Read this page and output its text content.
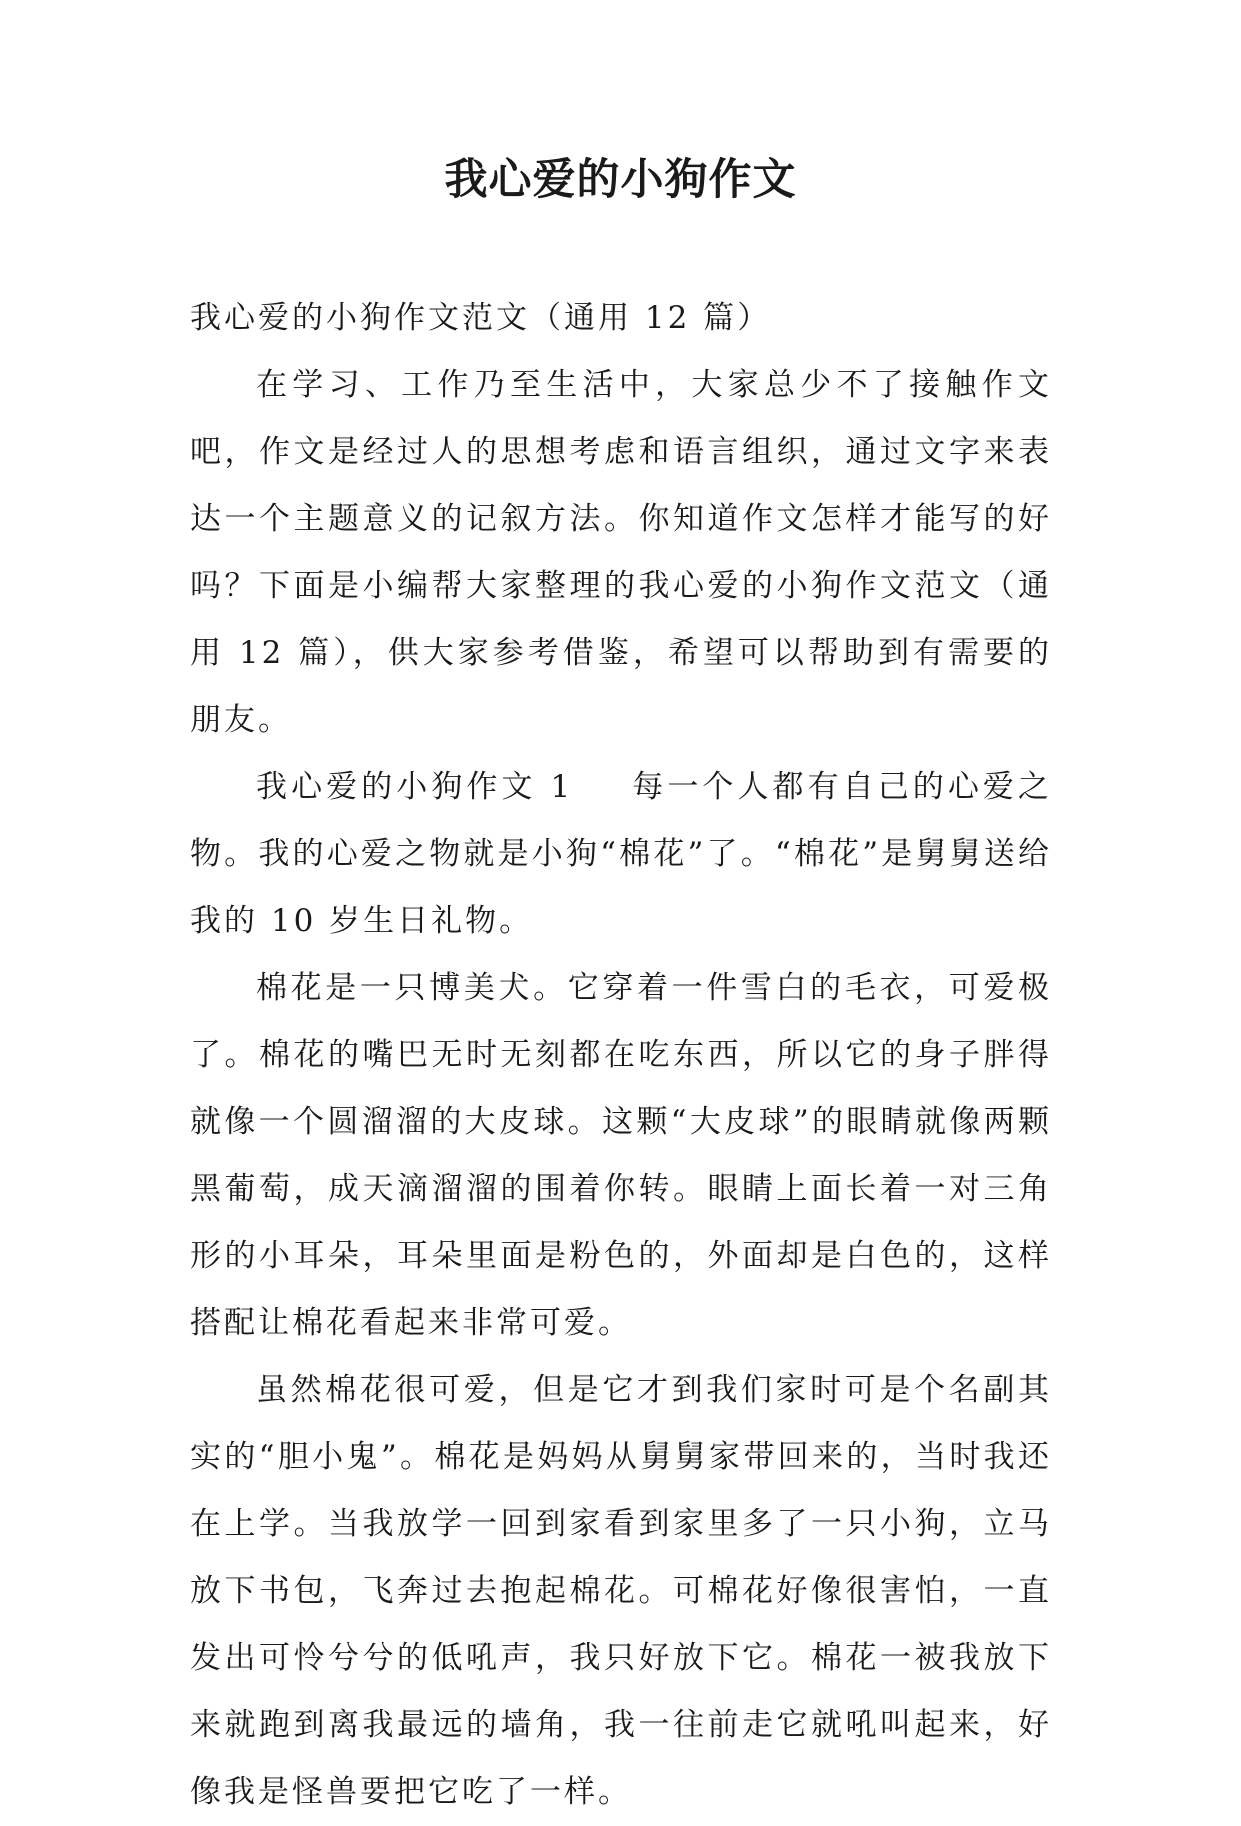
我心爱的小狗作文

我心爱的小狗作文范文（通用 12 篇）

在学习、工作乃至生活中，大家总少不了接触作文吧，作文是经过人的思想考虑和语言组织，通过文字来表达一个主题意义的记叙方法。你知道作文怎样才能写的好吗？下面是小编帮大家整理的我心爱的小狗作文范文（通用 12 篇），供大家参考借鉴，希望可以帮助到有需要的朋友。

我心爱的小狗作文 1 每一个人都有自己的心爱之物。我的心爱之物就是小狗“棉花”了。“棉花”是舅舅送给我的 10 岁生日礼物。

棉花是一只博美犬。它穿着一件雪白的毛衣，可爱极了。棉花的嘴巴无时无刻都在吃东西，所以它的身子胖得就像一个圆溜溜的大皮球。这颗“大皮球”的眼睛就像两颗黑葡萄，成天滴溜溜的围着你转。眼睛上面长着一对三角形的小耳朵，耳朵里面是粉色的，外面却是白色的，这样搭配让棉花看起来非常可爱。

虽然棉花很可爱，但是它才到我们家时可是个名副其实的“胆小鬼”。棉花是妈妈从舅舅家带回来的，当时我还在上学。当我放学一回到家看到家里多了一只小狗，立马放下书包，飞奔过去抱起棉花。可棉花好像很害怕，一直发出可怜兮兮的低吼声，我只好放下它。棉花一被我放下来就跑到离我最远的墙角，我一往前走它就吼叫起来，好像我是怪兽要把它吃了一样。
